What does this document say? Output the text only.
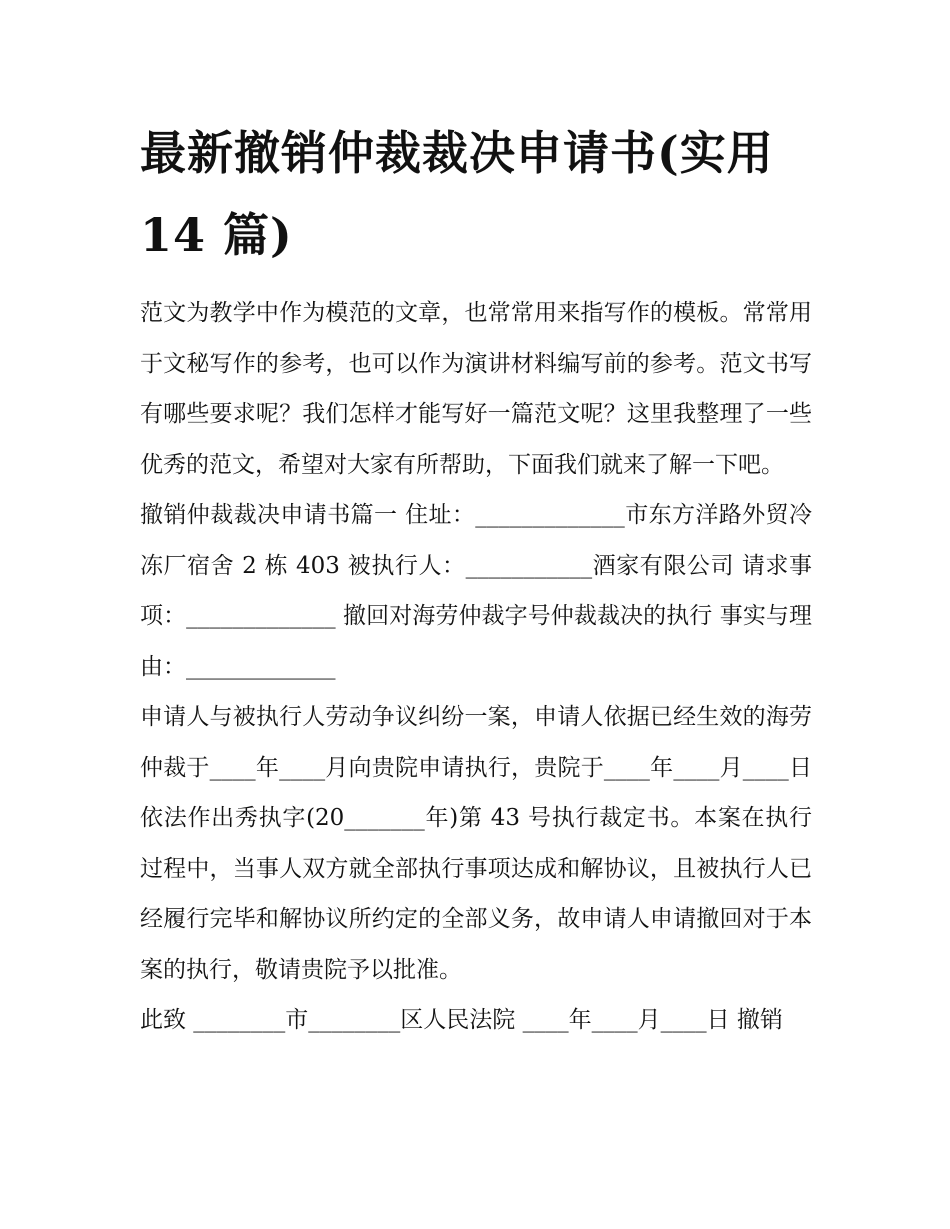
最新撤销仲裁裁决申请书(实用 14 篇)

范文为教学中作为模范的文章，也常常用来指写作的模板。常常用于文秘写作的参考，也可以作为演讲材料编写前的参考。范文书写有哪些要求呢？我们怎样才能写好一篇范文呢？这里我整理了一些优秀的范文，希望对大家有所帮助，下面我们就来了解一下吧。

撤销仲裁裁决申请书篇一 住址：_____________市东方洋路外贸冷冻厂宿舍 2 栋 403 被执行人：___________酒家有限公司 请求事项：_____________ 撤回对海劳仲裁字号仲裁裁决的执行 事实与理由：_____________

申请人与被执行人劳动争议纠纷一案，申请人依据已经生效的海劳仲裁于____年____月向贵院申请执行，贵院于____年____月____日依法作出秀执字(20_______年)第 43 号执行裁定书。本案在执行过程中，当事人双方就全部执行事项达成和解协议，且被执行人已经履行完毕和解协议所约定的全部义务，故申请人申请撤回对于本案的执行，敬请贵院予以批准。

此致 ________市________区人民法院 ____年____月____日 撤销
